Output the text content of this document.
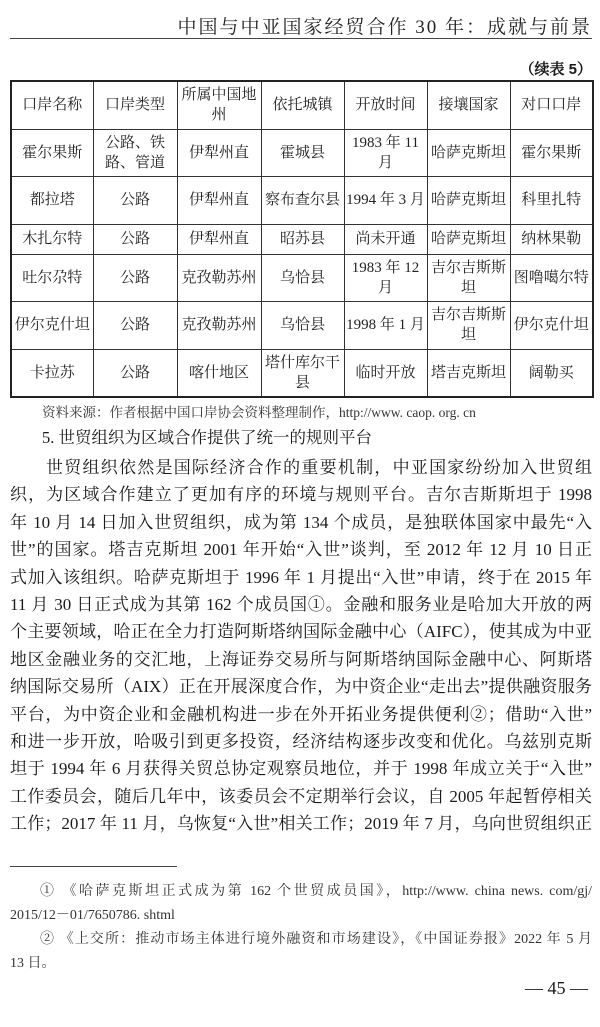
中国与中亚国家经贸合作 30 年：成就与前景
（续表 5）
口岸名称	口岸类型	所属中国地州	依托城镇	开放时间	接壤国家	对口口岸
霍尔果斯	公路、铁路、管道	伊犁州直	霍城县	1983 年 11 月	哈萨克斯坦	霍尔果斯
都拉塔	公路	伊犁州直	察布查尔县	1994 年 3 月	哈萨克斯坦	科里扎特
木扎尔特	公路	伊犁州直	昭苏县	尚未开通	哈萨克斯坦	纳林果勒
吐尔尕特	公路	克孜勒苏州	乌恰县	1983 年 12 月	吉尔吉斯斯坦	图噜噶尔特
伊尔克什坦	公路	克孜勒苏州	乌恰县	1998 年 1 月	吉尔吉斯斯坦	伊尔克什坦
卡拉苏	公路	喀什地区	塔什库尔干县	临时开放	塔吉克斯坦	阔勒买
资料来源：作者根据中国口岸协会资料整理制作，http://www. caop. org. cn
5. 世贸组织为区域合作提供了统一的规则平台
世贸组织依然是国际经济合作的重要机制，中亚国家纷纷加入世贸组
织，为区域合作建立了更加有序的环境与规则平台。吉尔吉斯斯坦于 1998
年 10 月 14 日加入世贸组织，成为第 134 个成员，是独联体国家中最先“入
世”的国家。塔吉克斯坦 2001 年开始“入世”谈判，至 2012 年 12 月 10 日正
式加入该组织。哈萨克斯坦于 1996 年 1 月提出“入世”申请，终于在 2015 年
11 月 30 日正式成为其第 162 个成员国①。金融和服务业是哈加大开放的两
个主要领域，哈正在全力打造阿斯塔纳国际金融中心（AIFC），使其成为中亚
地区金融业务的交汇地，上海证券交易所与阿斯塔纳国际金融中心、阿斯塔
纳国际交易所（AIX）正在开展深度合作，为中资企业“走出去”提供融资服务
平台，为中资企业和金融机构进一步在外开拓业务提供便利②；借助“入世”
和进一步开放，哈吸引到更多投资，经济结构逐步改变和优化。乌兹别克斯
坦于 1994 年 6 月获得关贸总协定观察员地位，并于 1998 年成立关于“入世”
工作委员会，随后几年中，该委员会不定期举行会议，自 2005 年起暂停相关
工作；2017 年 11 月，乌恢复“入世”相关工作；2019 年 7 月，乌向世贸组织正
① 《哈萨克斯坦正式成为第 162 个世贸成员国》，http://www. china news. com/gj/
2015/12－01/7650786. shtml
② 《上交所：推动市场主体进行境外融资和市场建设》，《中国证券报》2022 年 5 月
13 日。
— 45 —
